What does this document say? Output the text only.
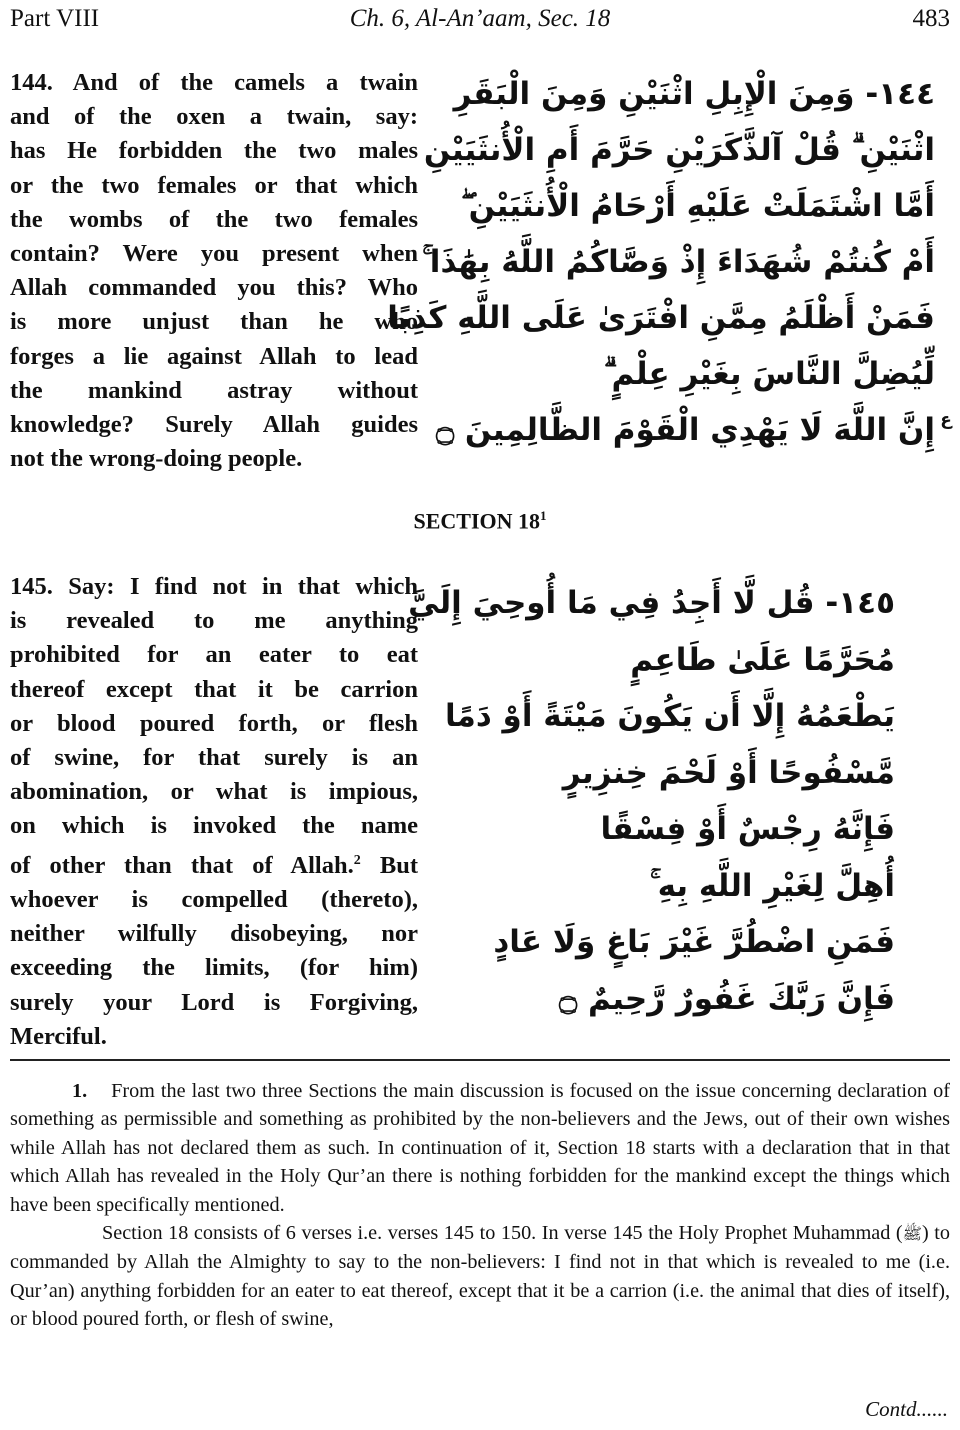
Part VIII	Ch. 6, Al-An’aam, Sec. 18	483
144. And of the camels a twain
and of the oxen a twain, say:
has He forbidden the two males
or the two females or that which
the wombs of the two females
contain? Were you present when
Allah commanded you this? Who
is more unjust than he who
forges a lie against Allah to lead
the mankind astray without
knowledge? Surely Allah guides
not the wrong-doing people.
١٤٤- وَمِنَ الْإِبِلِ اثْنَيْنِ وَمِنَ الْبَقَرِ
اثْنَيْنِ ۗ قُلْ آلذَّكَرَيْنِ حَرَّمَ أَمِ الْأُنثَيَيْنِ
أَمَّا اشْتَمَلَتْ عَلَيْهِ أَرْحَامُ الْأُنثَيَيْنِ ۖ
أَمْ كُنتُمْ شُهَدَاءَ إِذْ وَصَّاكُمُ اللَّهُ بِهَٰذَا ۚ
فَمَنْ أَظْلَمُ مِمَّنِ افْتَرَىٰ عَلَى اللَّهِ كَذِبًا
لِّيُضِلَّ النَّاسَ بِغَيْرِ عِلْمٍ ۗ
إِنَّ اللَّهَ لَا يَهْدِي الْقَوْمَ الظَّالِمِينَ ۝ ع
SECTION $18^1$
145. Say: I find not in that which
is revealed to me anything
prohibited for an eater to eat
thereof except that it be carrion
or blood poured forth, or flesh
of swine, for that surely is an
abomination, or what is impious,
on which is invoked the name
of other than that of Allah.$^2$ But
whoever is compelled (thereto),
neither wilfully disobeying, nor
exceeding the limits, (for him)
surely your Lord is Forgiving,
Merciful.
١٤٥- قُل لَّا أَجِدُ فِي مَا أُوحِيَ إِلَيَّ
مُحَرَّمًا عَلَىٰ طَاعِمٍ
يَطْعَمُهُ إِلَّا أَن يَكُونَ مَيْتَةً أَوْ دَمًا
مَّسْفُوحًا أَوْ لَحْمَ خِنزِيرٍ
فَإِنَّهُ رِجْسٌ أَوْ فِسْقًا
أُهِلَّ لِغَيْرِ اللَّهِ بِهِ ۚ
فَمَنِ اضْطُرَّ غَيْرَ بَاغٍ وَلَا عَادٍ
فَإِنَّ رَبَّكَ غَفُورٌ رَّحِيمٌ ۝

1. From the last two three Sections the main discussion is focused on the issue concerning declaration of something as permissible and something as prohibited by the non-believers and the Jews, out of their own wishes while Allah has not declared them as such. In continuation of it, Section 18 starts with a declaration that in that which Allah has revealed in the Holy Qur’an there is nothing forbidden for the mankind except the things which have been specifically mentioned.

Section 18 consists of 6 verses i.e. verses 145 to 150. In verse 145 the Holy Prophet Muhammad (ﷺ) to commanded by Allah the Almighty to say to the non-believers: I find not in that which is revealed to me (i.e. Qur’an) anything forbidden for an eater to eat thereof, except that it be a carrion (i.e. the animal that dies of itself), or blood poured forth, or flesh of swine,

Contd......
